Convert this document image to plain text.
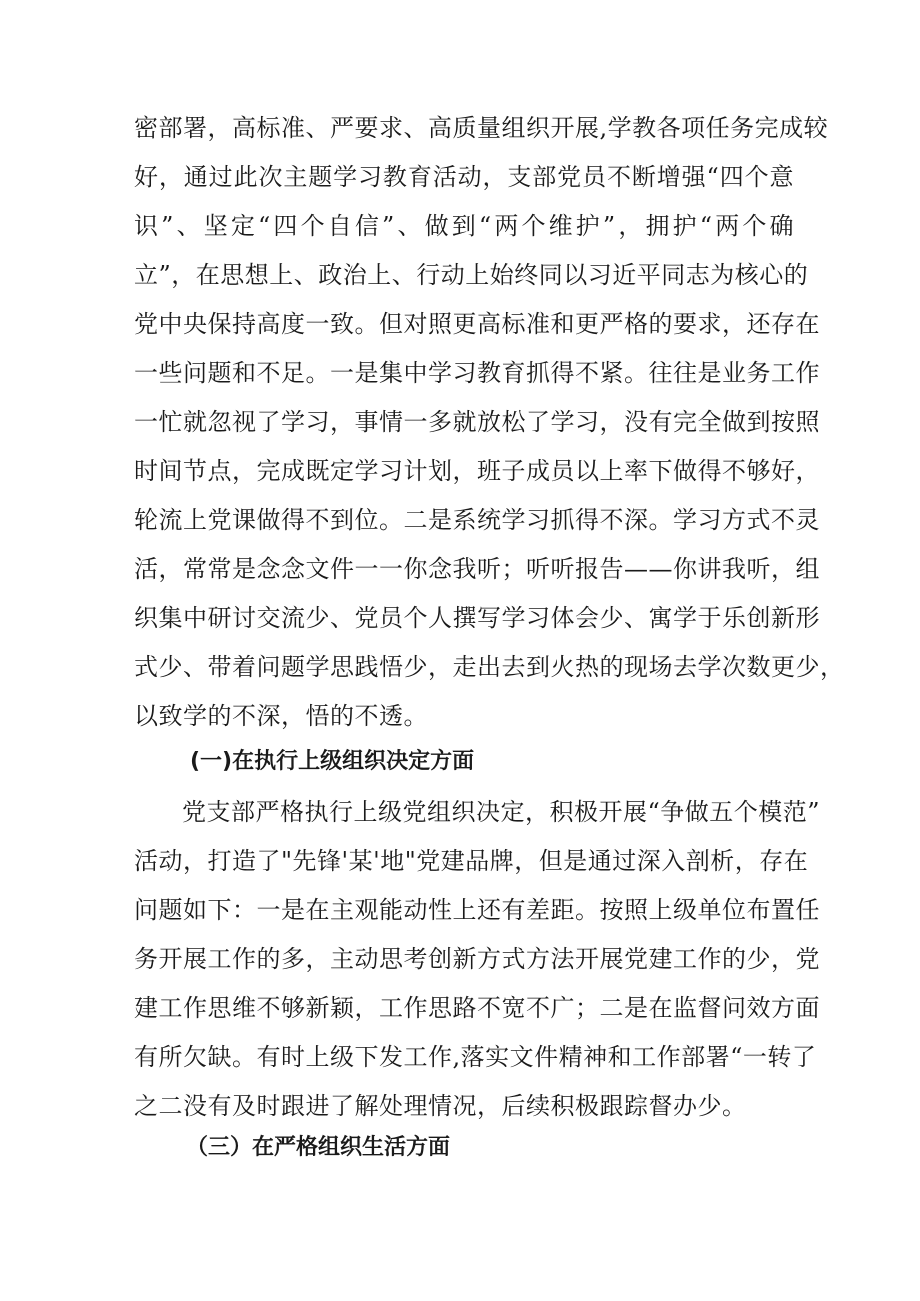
密部署，高标准、严要求、高质量组织开展,学教各项任务完成较
好，通过此次主题学习教育活动，支部党员不断增强“四个意
识”、坚定“四个自信”、做到“两个维护”，拥护“两个确
立”，在思想上、政治上、行动上始终同以习近平同志为核心的
党中央保持高度一致。但对照更高标准和更严格的要求，还存在
一些问题和不足。一是集中学习教育抓得不紧。往往是业务工作
一忙就忽视了学习，事情一多就放松了学习，没有完全做到按照
时间节点，完成既定学习计划，班子成员以上率下做得不够好，
轮流上党课做得不到位。二是系统学习抓得不深。学习方式不灵
活，常常是念念文件一一你念我听；听听报告——你讲我听，组
织集中研讨交流少、党员个人撰写学习体会少、寓学于乐创新形
式少、带着问题学思践悟少，走出去到火热的现场去学次数更少，
以致学的不深，悟的不透。
(一)在执行上级组织决定方面
党支部严格执行上级党组织决定，积极开展“争做五个模范”
活动，打造了"先锋'某'地"党建品牌，但是通过深入剖析，存在
问题如下：一是在主观能动性上还有差距。按照上级单位布置任
务开展工作的多，主动思考创新方式方法开展党建工作的少，党
建工作思维不够新颖，工作思路不宽不广；二是在监督问效方面
有所欠缺。有时上级下发工作,落实文件精神和工作部署“一转了
之二没有及时跟进了解处理情况，后续积极跟踪督办少。
（三）在严格组织生活方面
